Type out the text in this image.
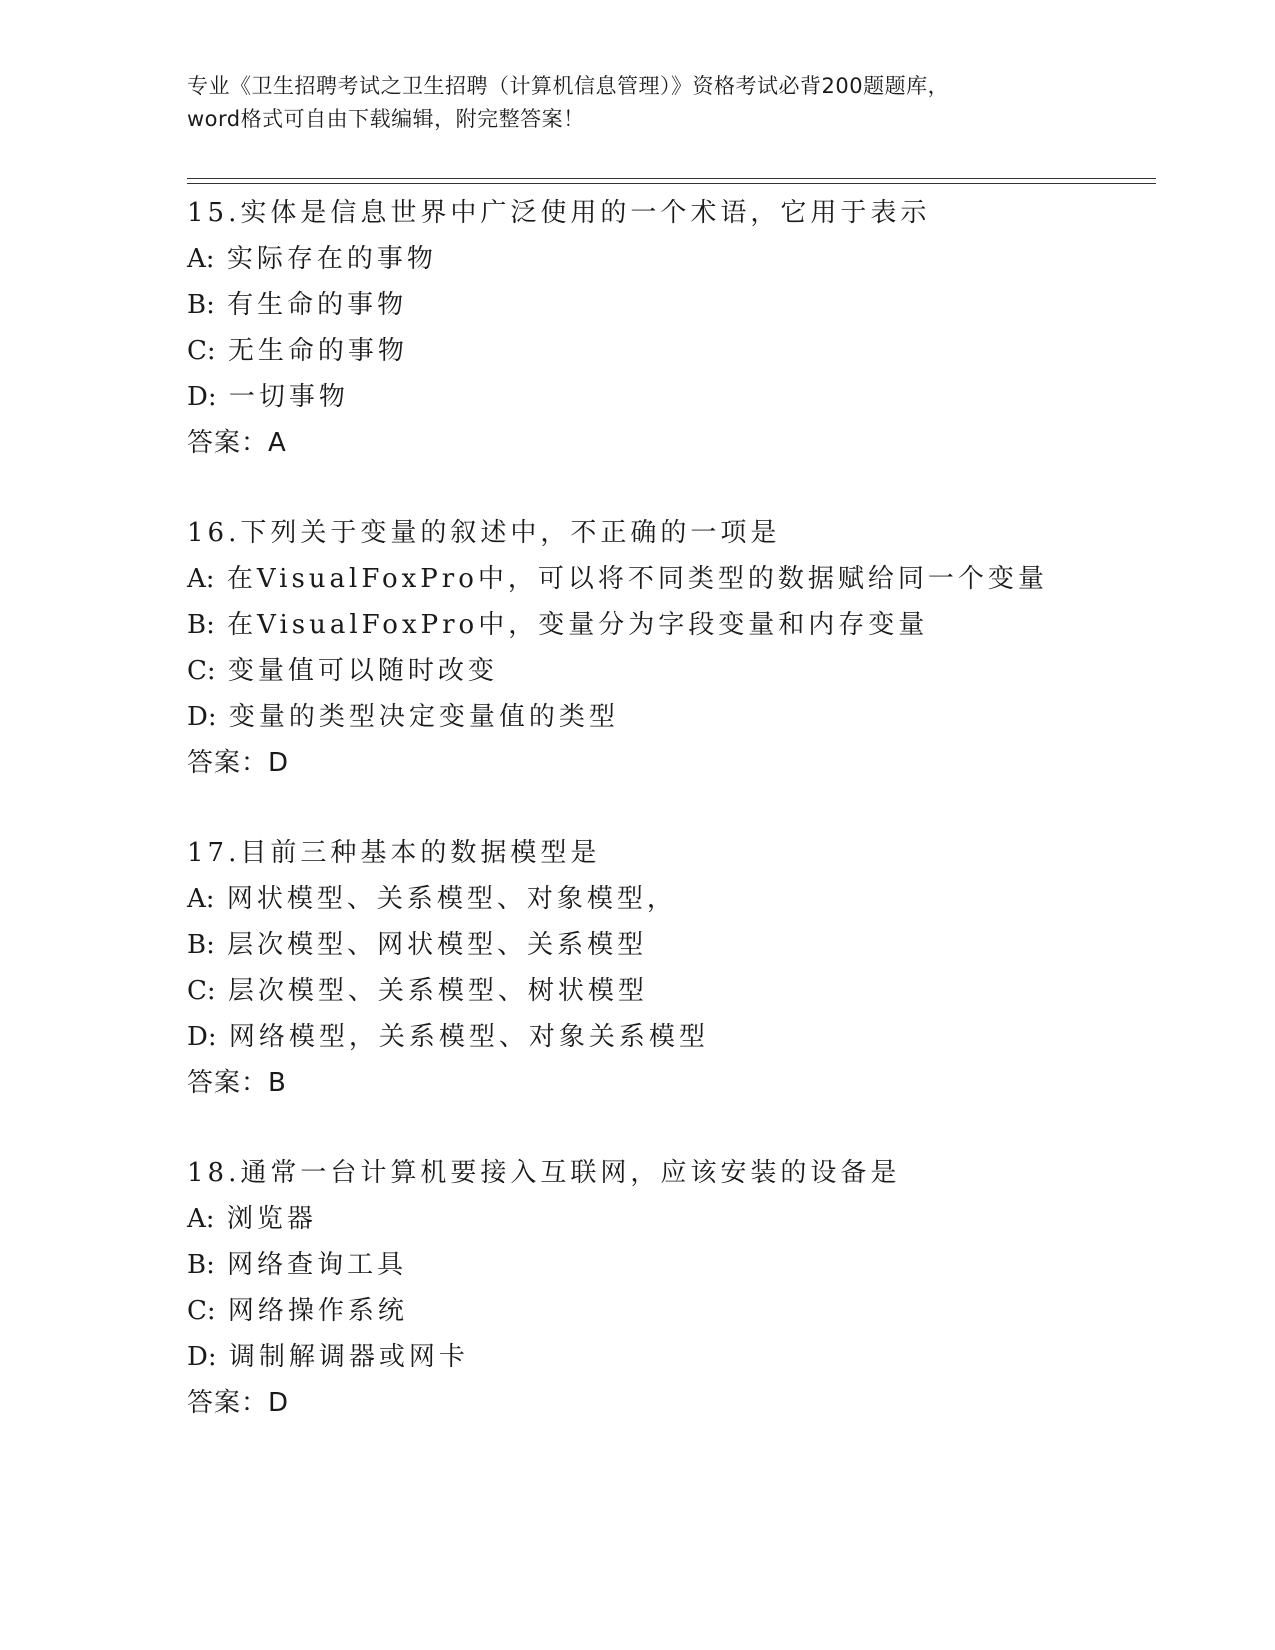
专业《卫生招聘考试之卫生招聘（计算机信息管理）》资格考试必背200题题库，
word格式可自由下载编辑，附完整答案！
15.实体是信息世界中广泛使用的一个术语，它用于表示
A: 实际存在的事物
B: 有生命的事物
C: 无生命的事物
D: 一切事物
答案：A
16.下列关于变量的叙述中，不正确的一项是
A: 在VisualFoxPro中，可以将不同类型的数据赋给同一个变量
B: 在VisualFoxPro中，变量分为字段变量和内存变量
C: 变量值可以随时改变
D: 变量的类型决定变量值的类型
答案：D
17.目前三种基本的数据模型是
A: 网状模型、关系模型、对象模型，
B: 层次模型、网状模型、关系模型
C: 层次模型、关系模型、树状模型
D: 网络模型，关系模型、对象关系模型
答案：B
18.通常一台计算机要接入互联网，应该安装的设备是
A: 浏览器
B: 网络查询工具
C: 网络操作系统
D: 调制解调器或网卡
答案：D
